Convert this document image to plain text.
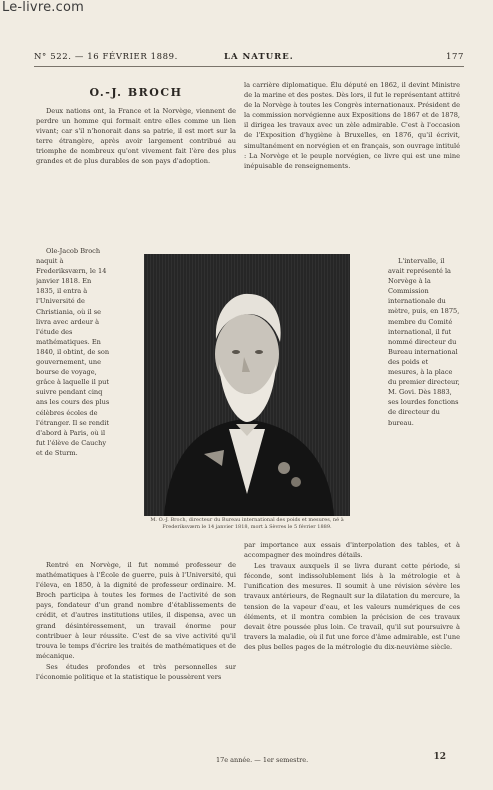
Le-livre.com
N° 522. — 16 FÉVRIER 1889.	LA NATURE.	177
O.-J. BROCH

Deux nations ont, la France et la Norvège, viennent de perdre un homme qui formait entre elles comme un lien vivant; car s'il n'honorait dans sa patrie, il est mort sur la terre étrangère, après avoir largement contribué au triomphe de nombreux qu'ont vivement fait l'ère des plus grandes et de plus durables de son pays d'adoption.

Ole-Jacob Broch naquit à Frederiksværn, le 14 janvier 1818. En 1835, il entra à l'Université de Christiania, où il se livra avec ardeur à l'étude des mathématiques. En 1840, il obtint, de son gouvernement, une bourse de voyage, grâce à laquelle il put suivre pendant cinq ans les cours des plus célèbres écoles de l'étranger. Il se rendit d'abord à Paris, où il fut l'élève de Cauchy et de Sturm.

la carrière diplomatique. Élu député en 1862, il devint Ministre de la marine et des postes. Dès lors, il fut le représentant attitré de la Norvège à toutes les Congrès internationaux. Président de la commission norvégienne aux Expositions de 1867 et de 1878, il dirigea les travaux avec un zèle admirable. C'est à l'occasion de l'Exposition d'hygiène à Bruxelles, en 1876, qu'il écrivit, simultanément en norvégien et en français, son ouvrage intitulé : La Norvège et le peuple norvégien, ce livre qui est une mine inépuisable de renseignements.

L'intervalle, il avait représenté la Norvège à la Commission internationale du mètre, puis, en 1875, membre du Comité international, il fut nommé directeur du Bureau international des poids et mesures, à la place du premier directeur, M. Govi. Dès 1883, ses lourdes fonctions de directeur du bureau.

M. O.-J. Broch, directeur du Bureau international des poids et mesures, né à Frederiksværn le 14 janvier 1818, mort à Sèvres le 5 février 1889.

Rentré en Norvège, il fut nommé professeur de mathématiques à l'École de guerre, puis à l'Université, qui l'éleva, en 1850, à la dignité de professeur ordinaire. M. Broch participa à toutes les formes de l'activité de son pays, fondateur d'un grand nombre d'établissements de crédit, et d'autres institutions utiles, il dispensa, avec un grand désintéressement, un travail énorme pour contribuer à leur réussite. C'est de sa vive activité qu'il trouva le temps d'écrire les traités de mathématiques et de mécanique.

Ses études profondes et très personnelles sur l'économie politique et la statistique le poussèrent vers

par importance aux essais d'interpolation des tables, et à accompagner des moindres détails.

Les travaux auxquels il se livra durant cette période, si féconde, sont indissolublement liés à la métrologie et à l'unification des mesures. Il soumit à une révision sévère les travaux antérieurs, de Regnault sur la dilatation du mercure, la tension de la vapeur d'eau, et les valeurs numériques de ces éléments, et il montra combien la précision de ces travaux devait être poussée plus loin. Ce travail, qu'il sut poursuivre à travers la maladie, où il fut une force d'âme admirable, est l'une des plus belles pages de la métrologie du dix-neuvième siècle.

17e année. — 1er semestre.	12
